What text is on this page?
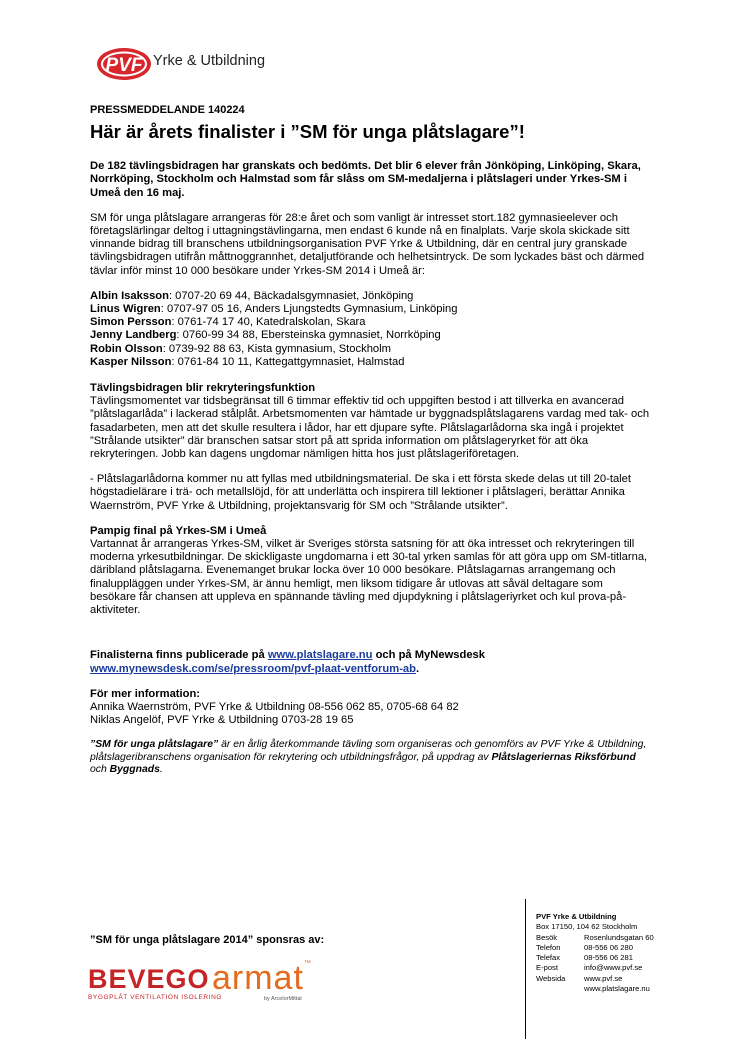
PVF Yrke & Utbildning

PRESSMEDDELANDE 140224

Här är årets finalister i ”SM för unga plåtslagare”!

De 182 tävlingsbidragen har granskats och bedömts. Det blir 6 elever från Jönköping, Linköping, Skara, Norrköping, Stockholm och Halmstad som får slåss om SM-medaljerna i plåtslageri under Yrkes-SM i Umeå den 16 maj.

SM för unga plåtslagare arrangeras för 28:e året och som vanligt är intresset stort.182 gymnasieelever och företagslärlingar deltog i uttagningstävlingarna, men endast 6 kunde nå en finalplats. Varje skola skickade sitt vinnande bidrag till branschens utbildningsorganisation PVF Yrke & Utbildning, där en central jury granskade tävlingsbidragen utifrån måttnoggrannhet, detaljutförande och helhetsintryck. De som lyckades bäst och därmed tävlar inför minst 10 000 besökare under Yrkes-SM 2014 i Umeå är:

Albin Isaksson: 0707-20 69 44, Bäckadalsgymnasiet, Jönköping
Linus Wigren: 0707-97 05 16, Anders Ljungstedts Gymnasium, Linköping
Simon Persson: 0761-74 17 40, Katedralskolan, Skara
Jenny Landberg: 0760-99 34 88, Ebersteinska gymnasiet, Norrköping
Robin Olsson: 0739-92 88 63, Kista gymnasium, Stockholm
Kasper Nilsson: 0761-84 10 11, Kattegattgymnasiet, Halmstad

Tävlingsbidragen blir rekryteringsfunktion

Tävlingsmomentet var tidsbegränsat till 6 timmar effektiv tid och uppgiften bestod i att tillverka en avancerad ”plåtslagarlåda” i lackerad stålplåt. Arbetsmomenten var hämtade ur byggnadsplåtslagarens vardag med tak- och fasadarbeten, men att det skulle resultera i lådor, har ett djupare syfte. Plåtslagarlådorna ska ingå i projektet ”Strålande utsikter” där branschen satsar stort på att sprida information om plåtslageryrket för att öka rekryteringen. Jobb kan dagens ungdomar nämligen hitta hos just plåtslageriföretagen.

- Plåtslagarlådorna kommer nu att fyllas med utbildningsmaterial. De ska i ett första skede delas ut till 20-talet högstadielärare i trä- och metallslöjd, för att underlätta och inspirera till lektioner i plåtslageri, berättar Annika Waernström, PVF Yrke & Utbildning, projektansvarig för SM och ”Strålande utsikter”.

Pampig final på Yrkes-SM i Umeå

Vartannat år arrangeras Yrkes-SM, vilket är Sveriges största satsning för att öka intresset och rekryteringen till moderna yrkesutbildningar. De skickligaste ungdomarna i ett 30-tal yrken samlas för att göra upp om SM-titlarna, däribland plåtslagarna. Evenemanget brukar locka över 10 000 besökare. Plåtslagarnas arrangemang och finaluppläggen under Yrkes-SM, är ännu hemligt, men liksom tidigare år utlovas att såväl deltagare som besökare får chansen att uppleva en spännande tävling med djupdykning i plåtslageriyrket och kul prova-på-aktiviteter.

Finalisterna finns publicerade på www.platslagare.nu och på MyNewsdesk
www.mynewsdesk.com/se/pressroom/pvf-plaat-ventforum-ab.

För mer information:

Annika Waernström, PVF Yrke & Utbildning 08-556 062 85, 0705-68 64 82
Niklas Angelöf, PVF Yrke & Utbildning 0703-28 19 65

”SM för unga plåtslagare” är en årlig återkommande tävling som organiseras och genomförs av PVF Yrke & Utbildning, plåtslageribranschens organisation för rekrytering och utbildningsfrågor, på uppdrag av Plåtslageriernas Riksförbund och Byggnads.

”SM för unga plåtslagare 2014” sponsras av:
BEVEGO
BYGGPLÅT VENTILATION ISOLERING
armat™
by ArcelorMittal
PVF Yrke & Utbildning
Box 17150, 104 62 Stockholm
Besök	Rosenlundsgatan 60
Telefon	08-556 06 280
Telefax	08-556 06 281
E-post	info@www.pvf.se
Websida	www.pvf.se
www.platslagare.nu
